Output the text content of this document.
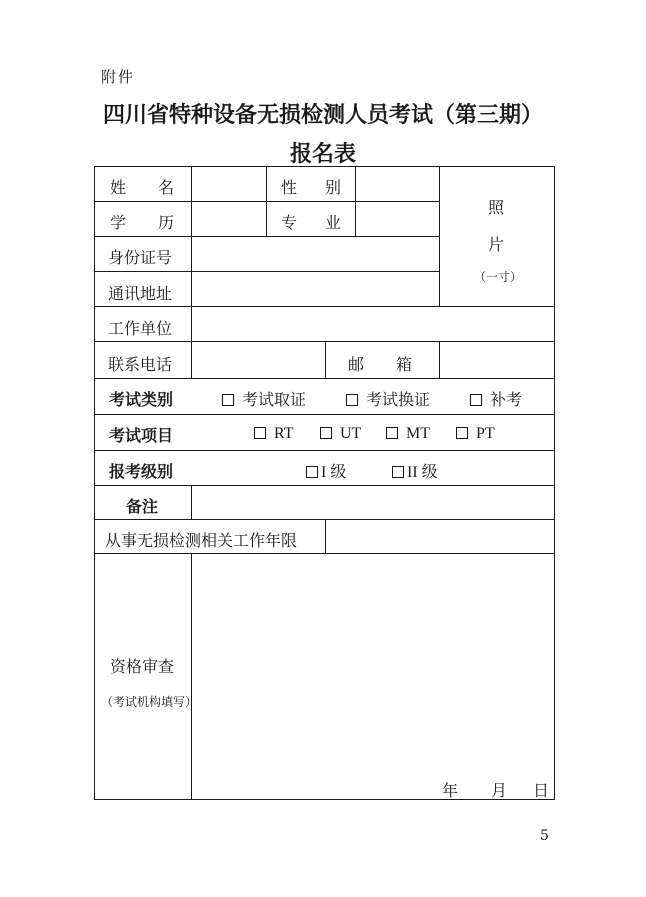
附件
四川省特种设备无损检测人员考试（第三期）
报名表
姓 名	性 别
学 历	专 业
照
片
（一寸）
身份证号
通讯地址
工作单位
联系电话	邮 箱
考试类别	考试取证	考试换证	补考
考试项目	RT	UT	MT	PT
报考级别	I 级	II 级
备注
从事无损检测相关工作年限
资格审查
（考试机构填写）
年 月 日
5
